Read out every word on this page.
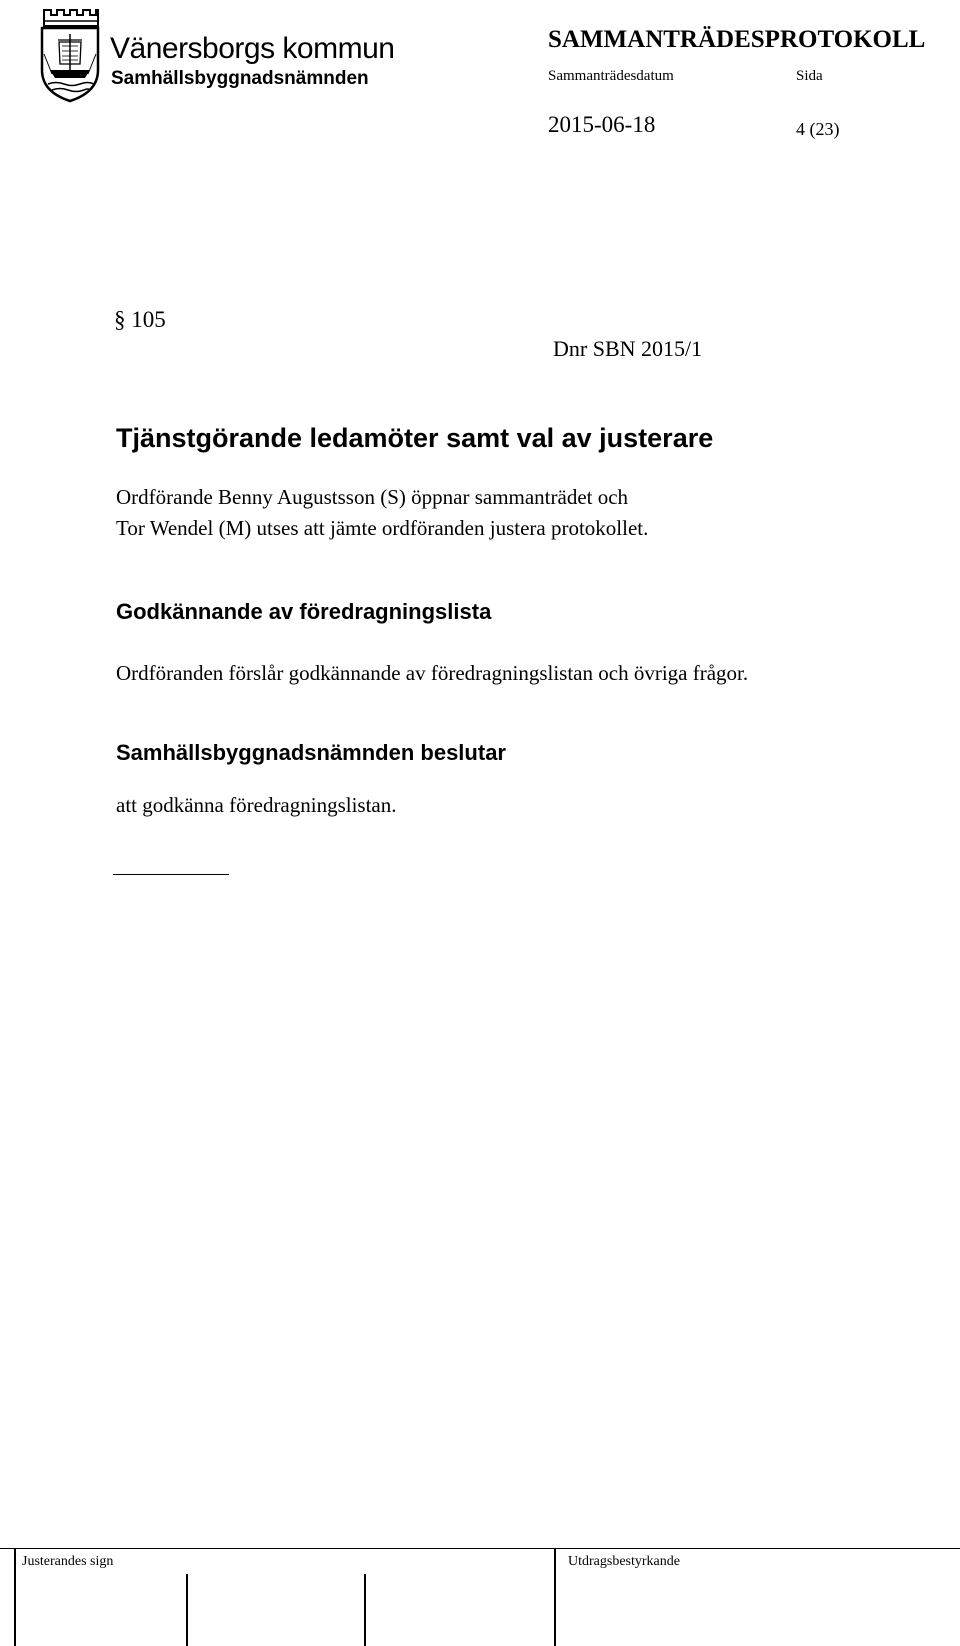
Vänersborgs kommun
Samhällsbyggnadsnämnden
SAMMANTRÄDESPROTOKOLL
Sammanträdesdatum	Sida
2015-06-18	4 (23)
§ 105
Dnr SBN 2015/1
Tjänstgörande ledamöter samt val av justerare
Ordförande Benny Augustsson (S) öppnar sammanträdet och
Tor Wendel (M) utses att jämte ordföranden justera protokollet.
Godkännande av föredragningslista
Ordföranden förslår godkännande av föredragningslistan och övriga frågor.
Samhällsbyggnadsnämnden beslutar
att godkänna föredragningslistan.
Justerandes sign	Utdragsbestyrkande
